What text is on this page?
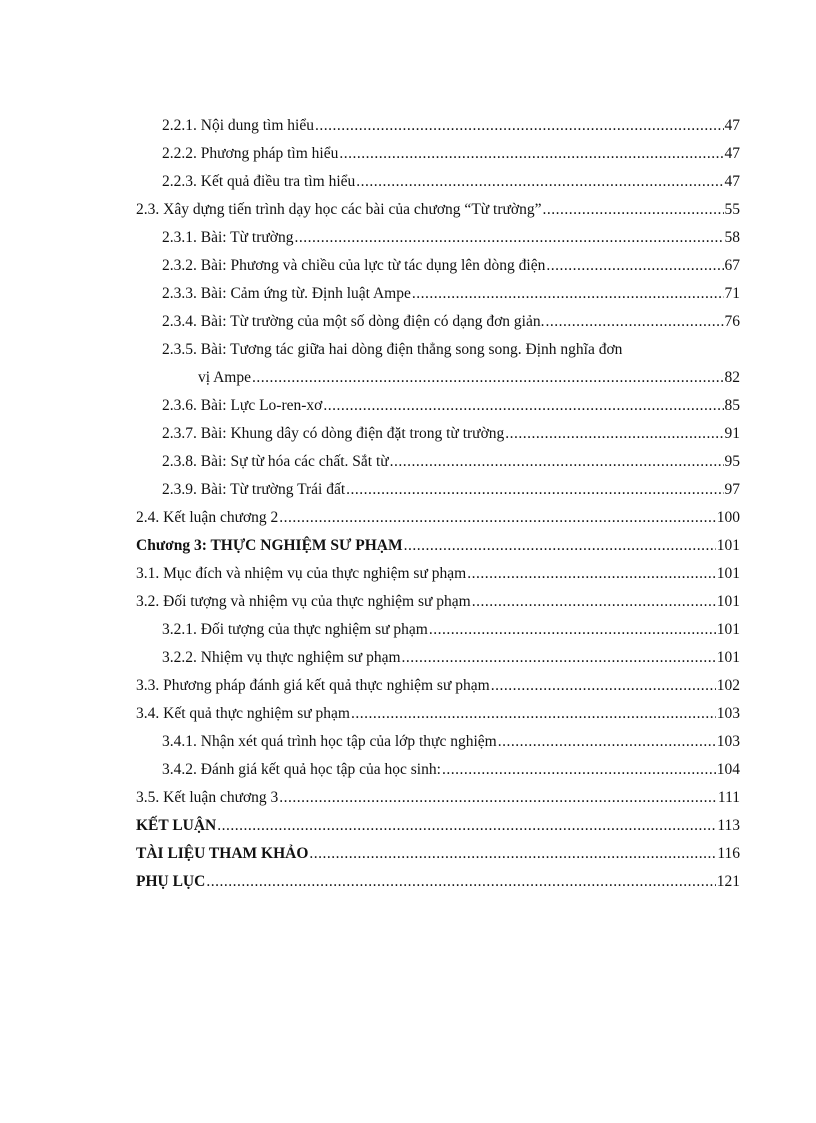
2.2.1. Nội dung tìm hiểu .....	47
2.2.2. Phương pháp tìm hiểu .....	47
2.2.3. Kết quả điều tra tìm hiểu .....	47
2.3. Xây dựng tiến trình dạy học các bài của chương “Từ trường” .....	55
2.3.1. Bài: Từ trường .....	58
2.3.2. Bài: Phương và chiều của lực từ tác dụng lên dòng điện .....	67
2.3.3. Bài: Cảm ứng từ. Định luật Ampe .....	71
2.3.4. Bài: Từ trường của một số dòng điện có dạng đơn giản. .....	76
2.3.5. Bài: Tương tác giữa hai dòng điện thẳng song song. Định nghĩa đơn
vị Ampe .....	82
2.3.6. Bài: Lực Lo-ren-xơ .....	85
2.3.7. Bài: Khung dây có dòng điện đặt trong từ trường .....	91
2.3.8. Bài: Sự từ hóa các chất. Sắt từ .....	95
2.3.9. Bài: Từ trường Trái đất .....	97
2.4. Kết luận chương 2 .....	100
Chương 3: THỰC NGHIỆM SƯ PHẠM .....	101
3.1. Mục đích và nhiệm vụ của thực nghiệm sư phạm .....	101
3.2. Đối tượng và nhiệm vụ của thực nghiệm sư phạm .....	101
3.2.1. Đối tượng của thực nghiệm sư phạm .....	101
3.2.2. Nhiệm vụ thực nghiệm sư phạm .....	101
3.3. Phương pháp đánh giá kết quả thực nghiệm sư phạm .....	102
3.4. Kết quả thực nghiệm sư phạm .....	103
3.4.1. Nhận xét quá trình học tập của lớp thực nghiệm .....	103
3.4.2. Đánh giá kết quả học tập của học sinh: .....	104
3.5. Kết luận chương 3 .....	111
KẾT LUẬN .....	113
TÀI LIỆU THAM KHẢO .....	116
PHỤ LỤC .....	121
